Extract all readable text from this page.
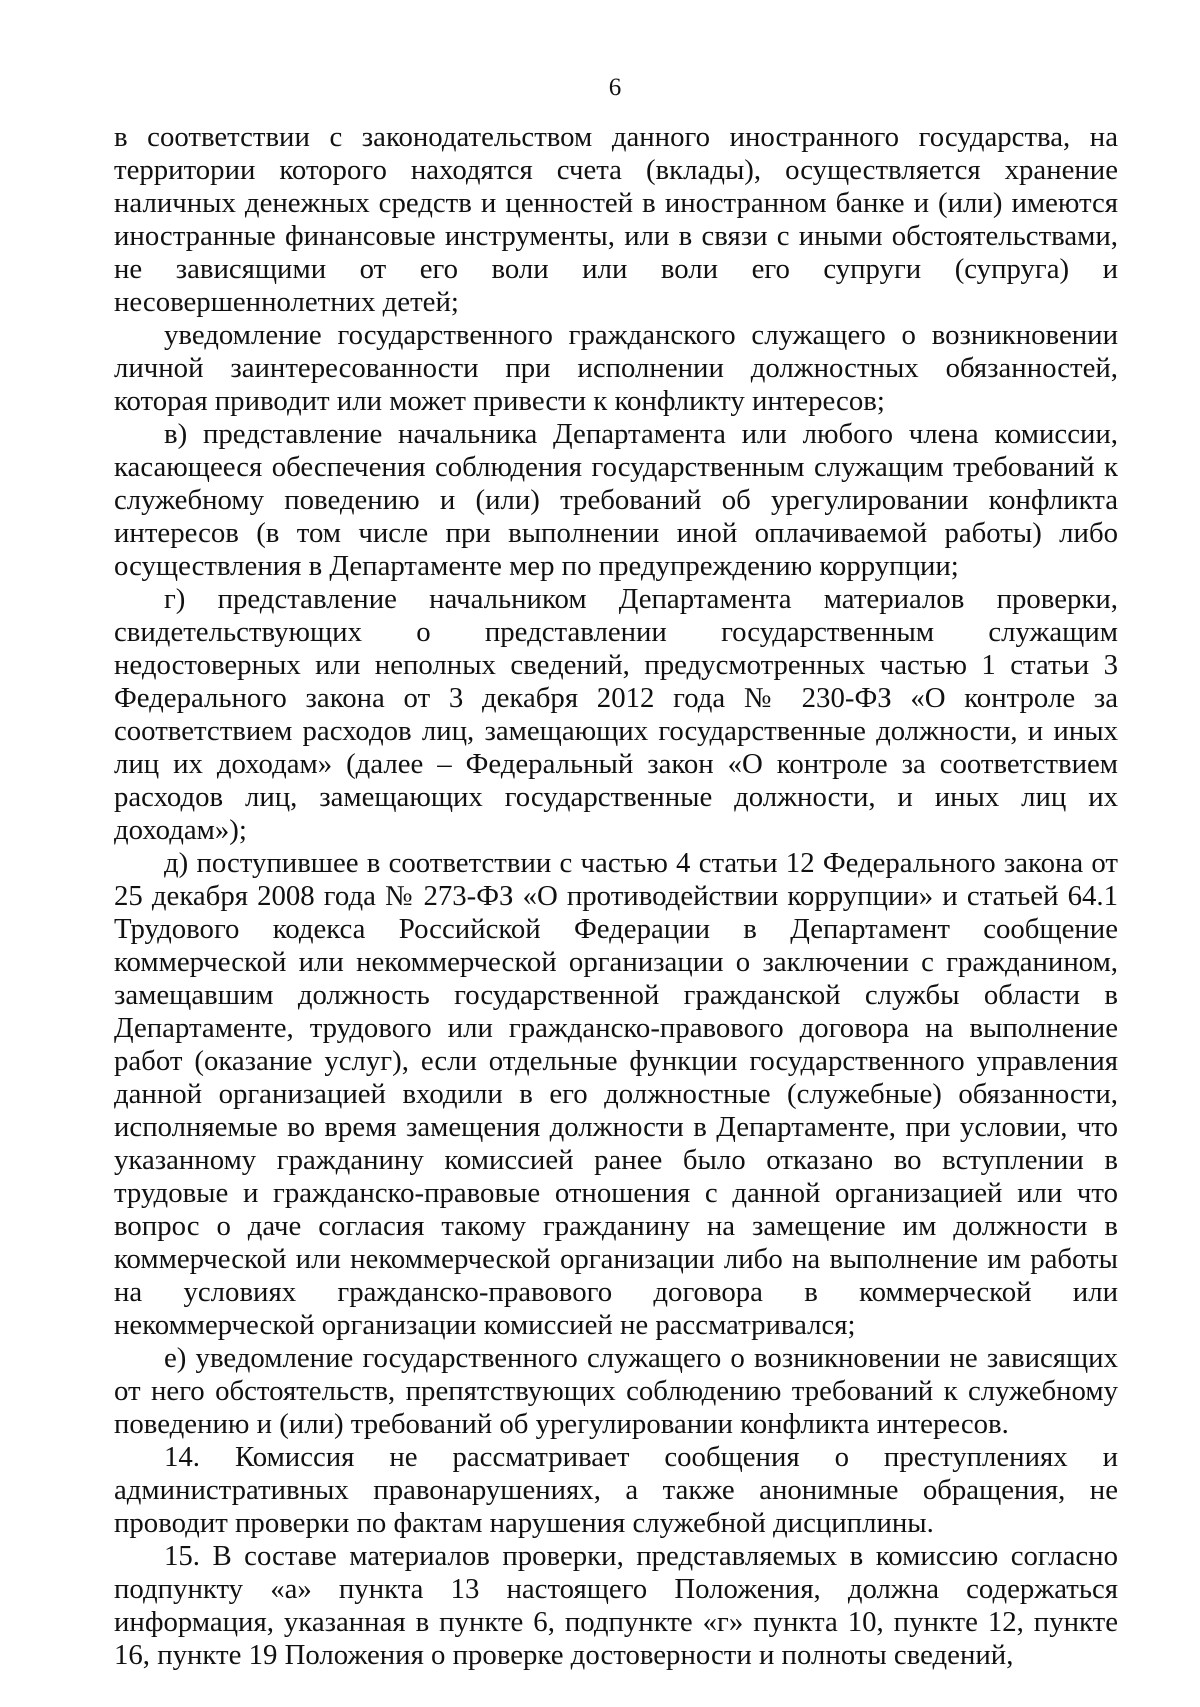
6

в соответствии с законодательством данного иностранного государства, на территории которого находятся счета (вклады), осуществляется хранение наличных денежных средств и ценностей в иностранном банке и (или) имеются иностранные финансовые инструменты, или в связи с иными обстоятельствами, не зависящими от его воли или воли его супруги (супруга) и несовершеннолетних детей;

уведомление государственного гражданского служащего о возникновении личной заинтересованности при исполнении должностных обязанностей, которая приводит или может привести к конфликту интересов;

в) представление начальника Департамента или любого члена комиссии, касающееся обеспечения соблюдения государственным служащим требований к служебному поведению и (или) требований об урегулировании конфликта интересов (в том числе при выполнении иной оплачиваемой работы) либо осуществления в Департаменте мер по предупреждению коррупции;

г) представление начальником Департамента материалов проверки, свидетельствующих о представлении государственным служащим недостоверных или неполных сведений, предусмотренных частью 1 статьи 3 Федерального закона от 3 декабря 2012 года № 230-ФЗ «О контроле за соответствием расходов лиц, замещающих государственные должности, и иных лиц их доходам» (далее – Федеральный закон «О контроле за соответствием расходов лиц, замещающих государственные должности, и иных лиц их доходам»);

д) поступившее в соответствии с частью 4 статьи 12 Федерального закона от 25 декабря 2008 года № 273-ФЗ «О противодействии коррупции» и статьей 64.1 Трудового кодекса Российской Федерации в Департамент сообщение коммерческой или некоммерческой организации о заключении с гражданином, замещавшим должность государственной гражданской службы области в Департаменте, трудового или гражданско-правового договора на выполнение работ (оказание услуг), если отдельные функции государственного управления данной организацией входили в его должностные (служебные) обязанности, исполняемые во время замещения должности в Департаменте, при условии, что указанному гражданину комиссией ранее было отказано во вступлении в трудовые и гражданско-правовые отношения с данной организацией или что вопрос о даче согласия такому гражданину на замещение им должности в коммерческой или некоммерческой организации либо на выполнение им работы на условиях гражданско-правового договора в коммерческой или некоммерческой организации комиссией не рассматривался;

е) уведомление государственного служащего о возникновении не зависящих от него обстоятельств, препятствующих соблюдению требований к служебному поведению и (или) требований об урегулировании конфликта интересов.

14. Комиссия не рассматривает сообщения о преступлениях и административных правонарушениях, а также анонимные обращения, не проводит проверки по фактам нарушения служебной дисциплины.

15. В составе материалов проверки, представляемых в комиссию согласно подпункту «а» пункта 13 настоящего Положения, должна содержаться информация, указанная в пункте 6, подпункте «г» пункта 10, пункте 12, пункте 16, пункте 19 Положения о проверке достоверности и полноты сведений,
